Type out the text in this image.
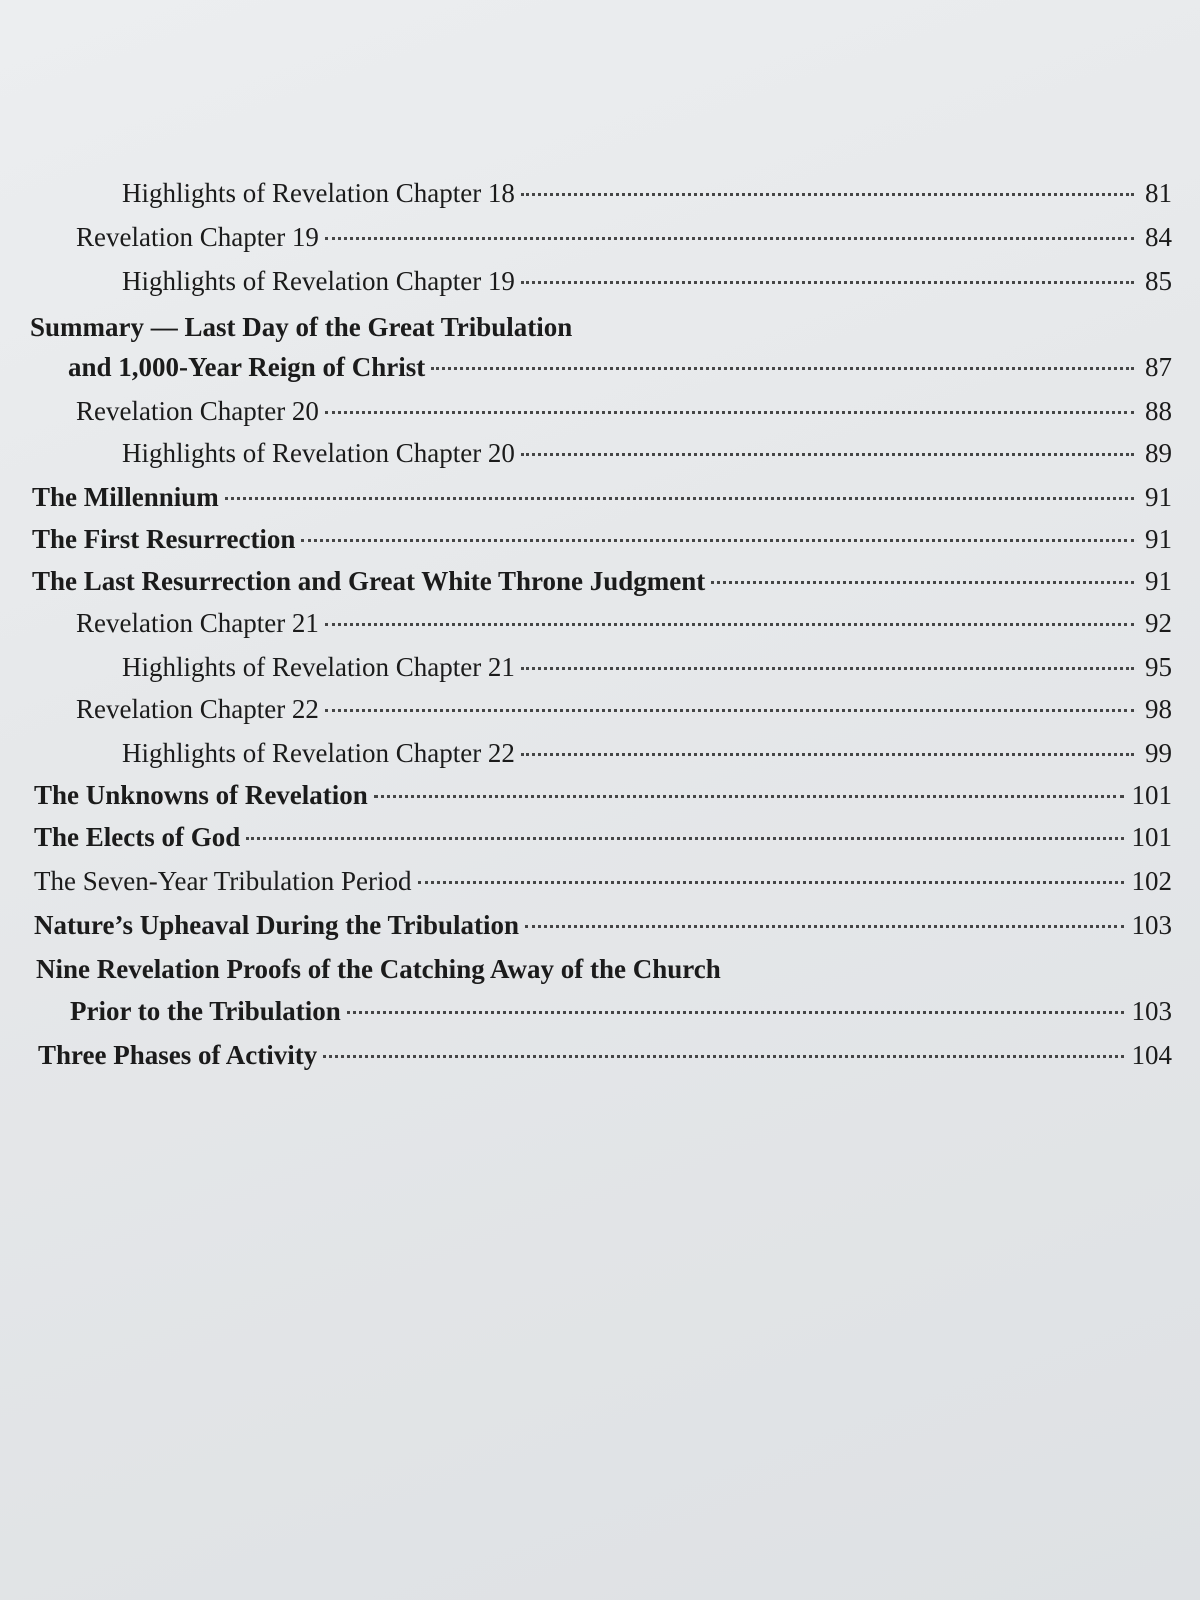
Highlights of Revelation Chapter 18	81
Revelation Chapter 19	84
Highlights of Revelation Chapter 19	85
Summary — Last Day of the Great Tribulation
and 1,000-Year Reign of Christ	87
Revelation Chapter 20	88
Highlights of Revelation Chapter 20	89
The Millennium	91
The First Resurrection	91
The Last Resurrection and Great White Throne Judgment	91
Revelation Chapter 21	92
Highlights of Revelation Chapter 21	95
Revelation Chapter 22	98
Highlights of Revelation Chapter 22	99
The Unknowns of Revelation	101
The Elects of God	101
The Seven-Year Tribulation Period	102
Nature’s Upheaval During the Tribulation	103
Nine Revelation Proofs of the Catching Away of the Church
Prior to the Tribulation	103
Three Phases of Activity	104
